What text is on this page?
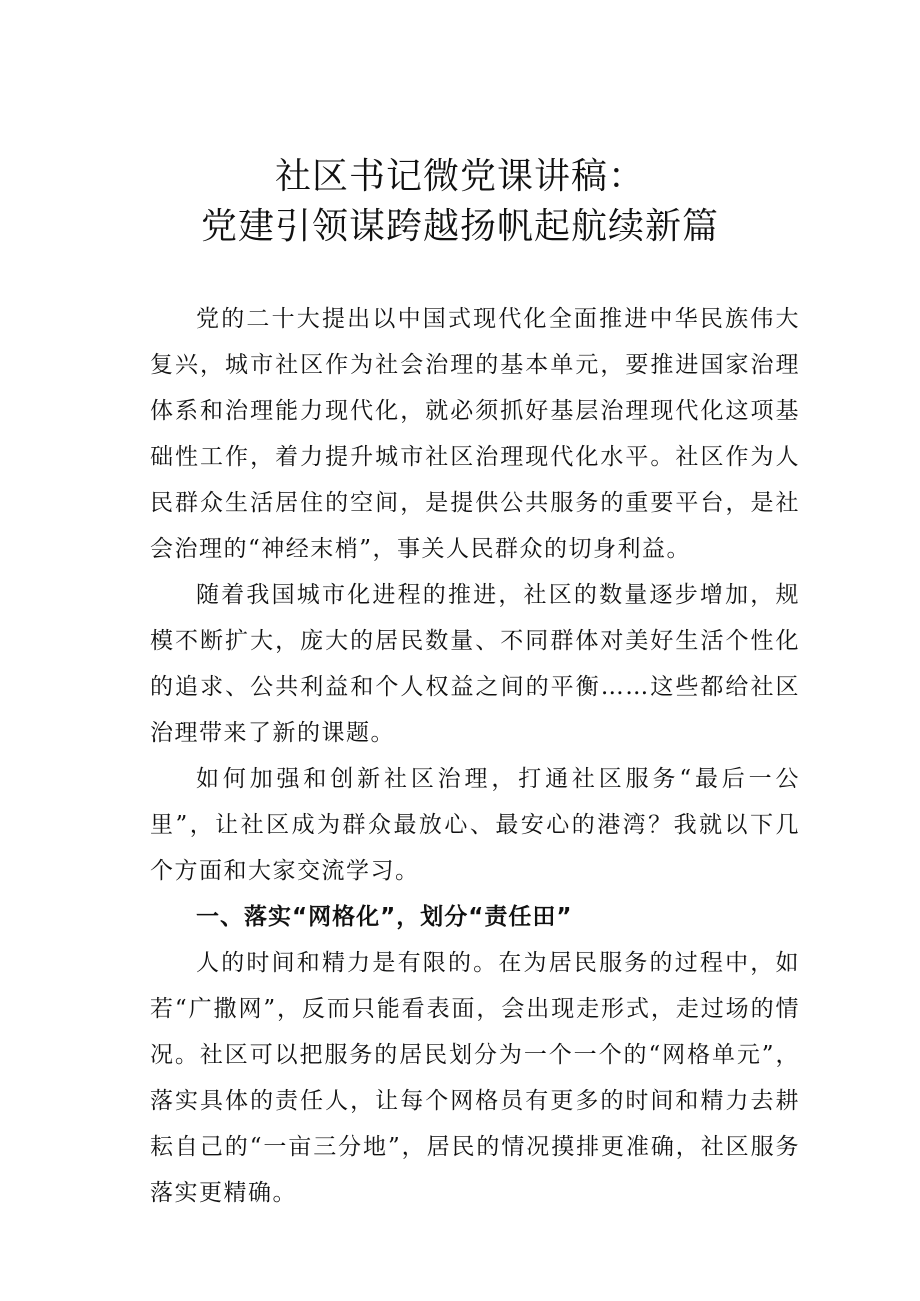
社区书记微党课讲稿：
党建引领谋跨越扬帆起航续新篇

党的二十大提出以中国式现代化全面推进中华民族伟大复兴，城市社区作为社会治理的基本单元，要推进国家治理体系和治理能力现代化，就必须抓好基层治理现代化这项基础性工作，着力提升城市社区治理现代化水平。社区作为人民群众生活居住的空间，是提供公共服务的重要平台，是社会治理的“神经末梢”，事关人民群众的切身利益。

随着我国城市化进程的推进，社区的数量逐步增加，规模不断扩大，庞大的居民数量、不同群体对美好生活个性化的追求、公共利益和个人权益之间的平衡……这些都给社区治理带来了新的课题。

如何加强和创新社区治理，打通社区服务“最后一公里”，让社区成为群众最放心、最安心的港湾？我就以下几个方面和大家交流学习。

一、落实“网格化”，划分“责任田”

人的时间和精力是有限的。在为居民服务的过程中，如若“广撒网”，反而只能看表面，会出现走形式，走过场的情况。社区可以把服务的居民划分为一个一个的“网格单元”，落实具体的责任人，让每个网格员有更多的时间和精力去耕耘自己的“一亩三分地”，居民的情况摸排更准确，社区服务落实更精确。
